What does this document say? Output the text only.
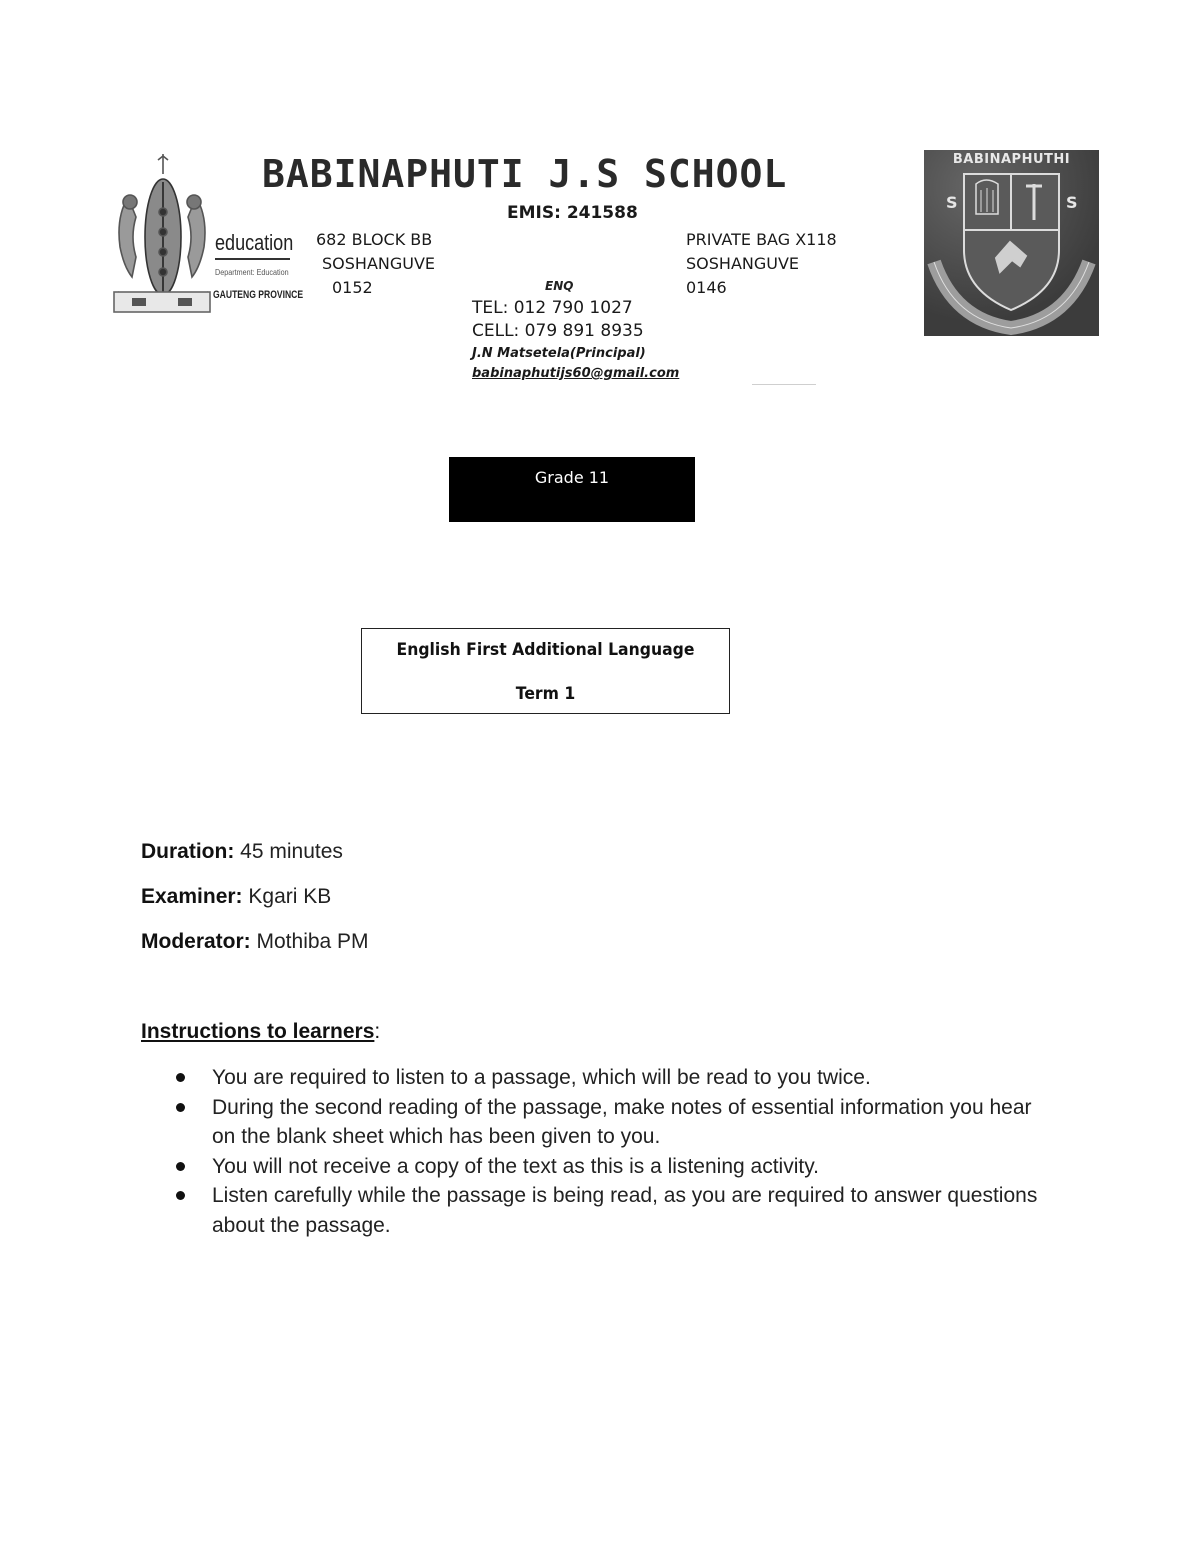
education
Department: Education
GAUTENG PROVINCE
BABINAPHUTI J.S SCHOOL
EMIS: 241588
682 BLOCK BB
SOSHANGUVE
0152
PRIVATE BAG X118
SOSHANGUVE
0146
ENQ
TEL: 012 790 1027
CELL: 079 891 8935
J.N Matsetela(Principal)
babinaphutijs60@gmail.com
BABINAPHUTHI
S	S
Grade 11
English First Additional Language
Term 1
Duration: 45 minutes
Examiner: Kgari KB
Moderator: Mothiba PM
Instructions to learners:
You are required to listen to a passage, which will be read to you twice.
During the second reading of the passage, make notes of essential information you hear on the blank sheet which has been given to you.
You will not receive a copy of the text as this is a listening activity.
Listen carefully while the passage is being read, as you are required to answer questions about the passage.
